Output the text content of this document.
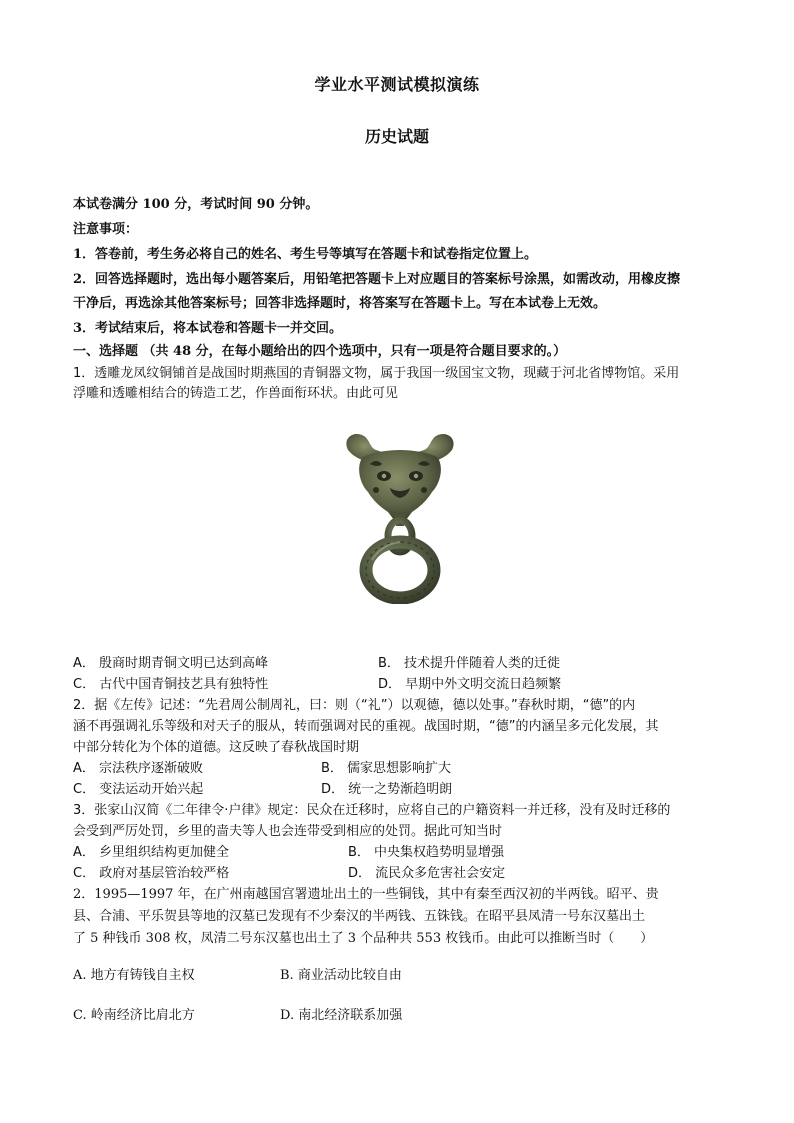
学业水平测试模拟演练
历史试题
本试卷满分 100 分，考试时间 90 分钟。
注意事项：
1．答卷前，考生务必将自己的姓名、考生号等填写在答题卡和试卷指定位置上。
2．回答选择题时，选出每小题答案后，用铅笔把答题卡上对应题目的答案标号涂黑，如需改动，用橡皮擦
干净后，再选涂其他答案标号；回答非选择题时，将答案写在答题卡上。写在本试卷上无效。
3．考试结束后，将本试卷和答题卡一并交回。
一、选择题 （共 48 分，在每小题给出的四个选项中，只有一项是符合题目要求的。）
1．透雕龙凤纹铜铺首是战国时期燕国的青铜器文物，属于我国一级国宝文物，现藏于河北省博物馆。采用
浮雕和透雕相结合的铸造工艺，作兽面衔环状。由此可见
A． 殷商时期青铜文明已达到高峰	B． 技术提升伴随着人类的迁徙
C． 古代中国青铜技艺具有独特性	D． 早期中外文明交流日趋频繁
2．据《左传》记述：“先君周公制周礼，曰：则（“礼”）以观德，德以处事。”春秋时期，“德”的内
涵不再强调礼乐等级和对天子的服从，转而强调对民的重视。战国时期，“德”的内涵呈多元化发展，其
中部分转化为个体的道德。这反映了春秋战国时期
A． 宗法秩序逐渐破败	B． 儒家思想影响扩大
C． 变法运动开始兴起	D． 统一之势渐趋明朗
3．张家山汉简《二年律令·户律》规定：民众在迁移时，应将自己的户籍资料一并迁移，没有及时迁移的
会受到严厉处罚，乡里的啬夫等人也会连带受到相应的处罚。据此可知当时
A． 乡里组织结构更加健全	B． 中央集权趋势明显增强
C． 政府对基层管治较严格	D． 流民众多危害社会安定
2．1995—1997 年，在广州南越国宫署遗址出土的一些铜钱，其中有秦至西汉初的半两钱。昭平、贵
县、合浦、平乐贺县等地的汉墓已发现有不少秦汉的半两钱、五铢钱。在昭平县凤清一号东汉墓出土
了 5 种钱币 308 枚，凤清二号东汉墓也出土了 3 个品种共 553 枚钱币。由此可以推断当时（　　）
A. 地方有铸钱自主权	B. 商业活动比较自由
C. 岭南经济比肩北方	D. 南北经济联系加强
